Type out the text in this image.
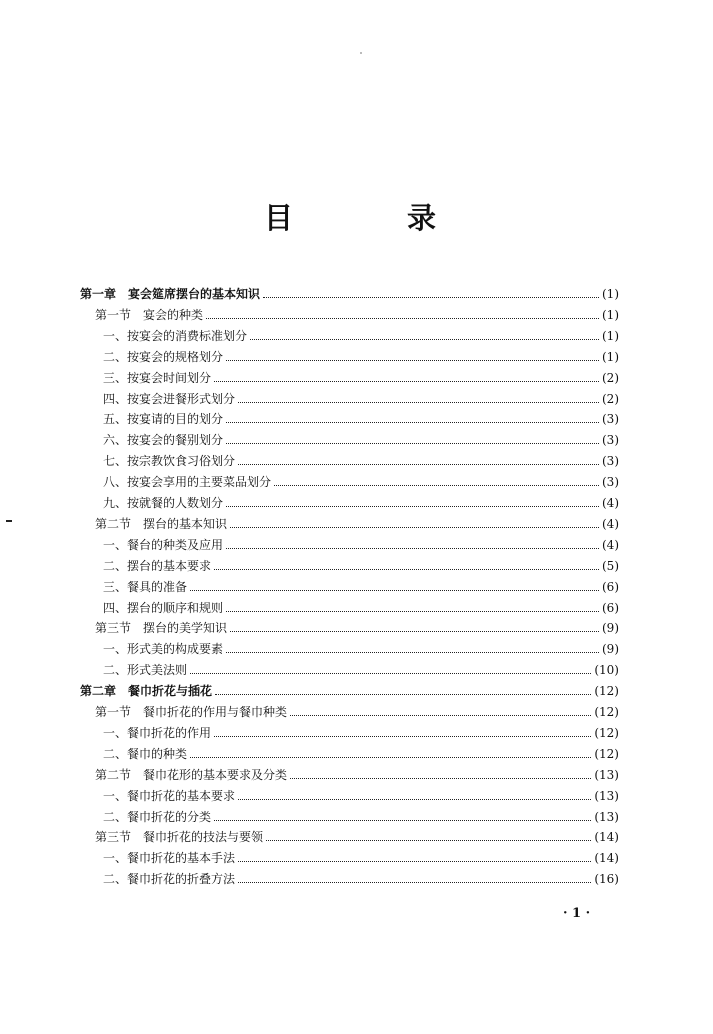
目	录
第一章　宴会筵席摆台的基本知识	(1)
第一节　宴会的种类	(1)
一、按宴会的消费标准划分	(1)
二、按宴会的规格划分	(1)
三、按宴会时间划分	(2)
四、按宴会进餐形式划分	(2)
五、按宴请的目的划分	(3)
六、按宴会的餐别划分	(3)
七、按宗教饮食习俗划分	(3)
八、按宴会享用的主要菜品划分	(3)
九、按就餐的人数划分	(4)
第二节　摆台的基本知识	(4)
一、餐台的种类及应用	(4)
二、摆台的基本要求	(5)
三、餐具的准备	(6)
四、摆台的顺序和规则	(6)
第三节　摆台的美学知识	(9)
一、形式美的构成要素	(9)
二、形式美法则	(10)
第二章　餐巾折花与插花	(12)
第一节　餐巾折花的作用与餐巾种类	(12)
一、餐巾折花的作用	(12)
二、餐巾的种类	(12)
第二节　餐巾花形的基本要求及分类	(13)
一、餐巾折花的基本要求	(13)
二、餐巾折花的分类	(13)
第三节　餐巾折花的技法与要领	(14)
一、餐巾折花的基本手法	(14)
二、餐巾折花的折叠方法	(16)
· 1 ·
